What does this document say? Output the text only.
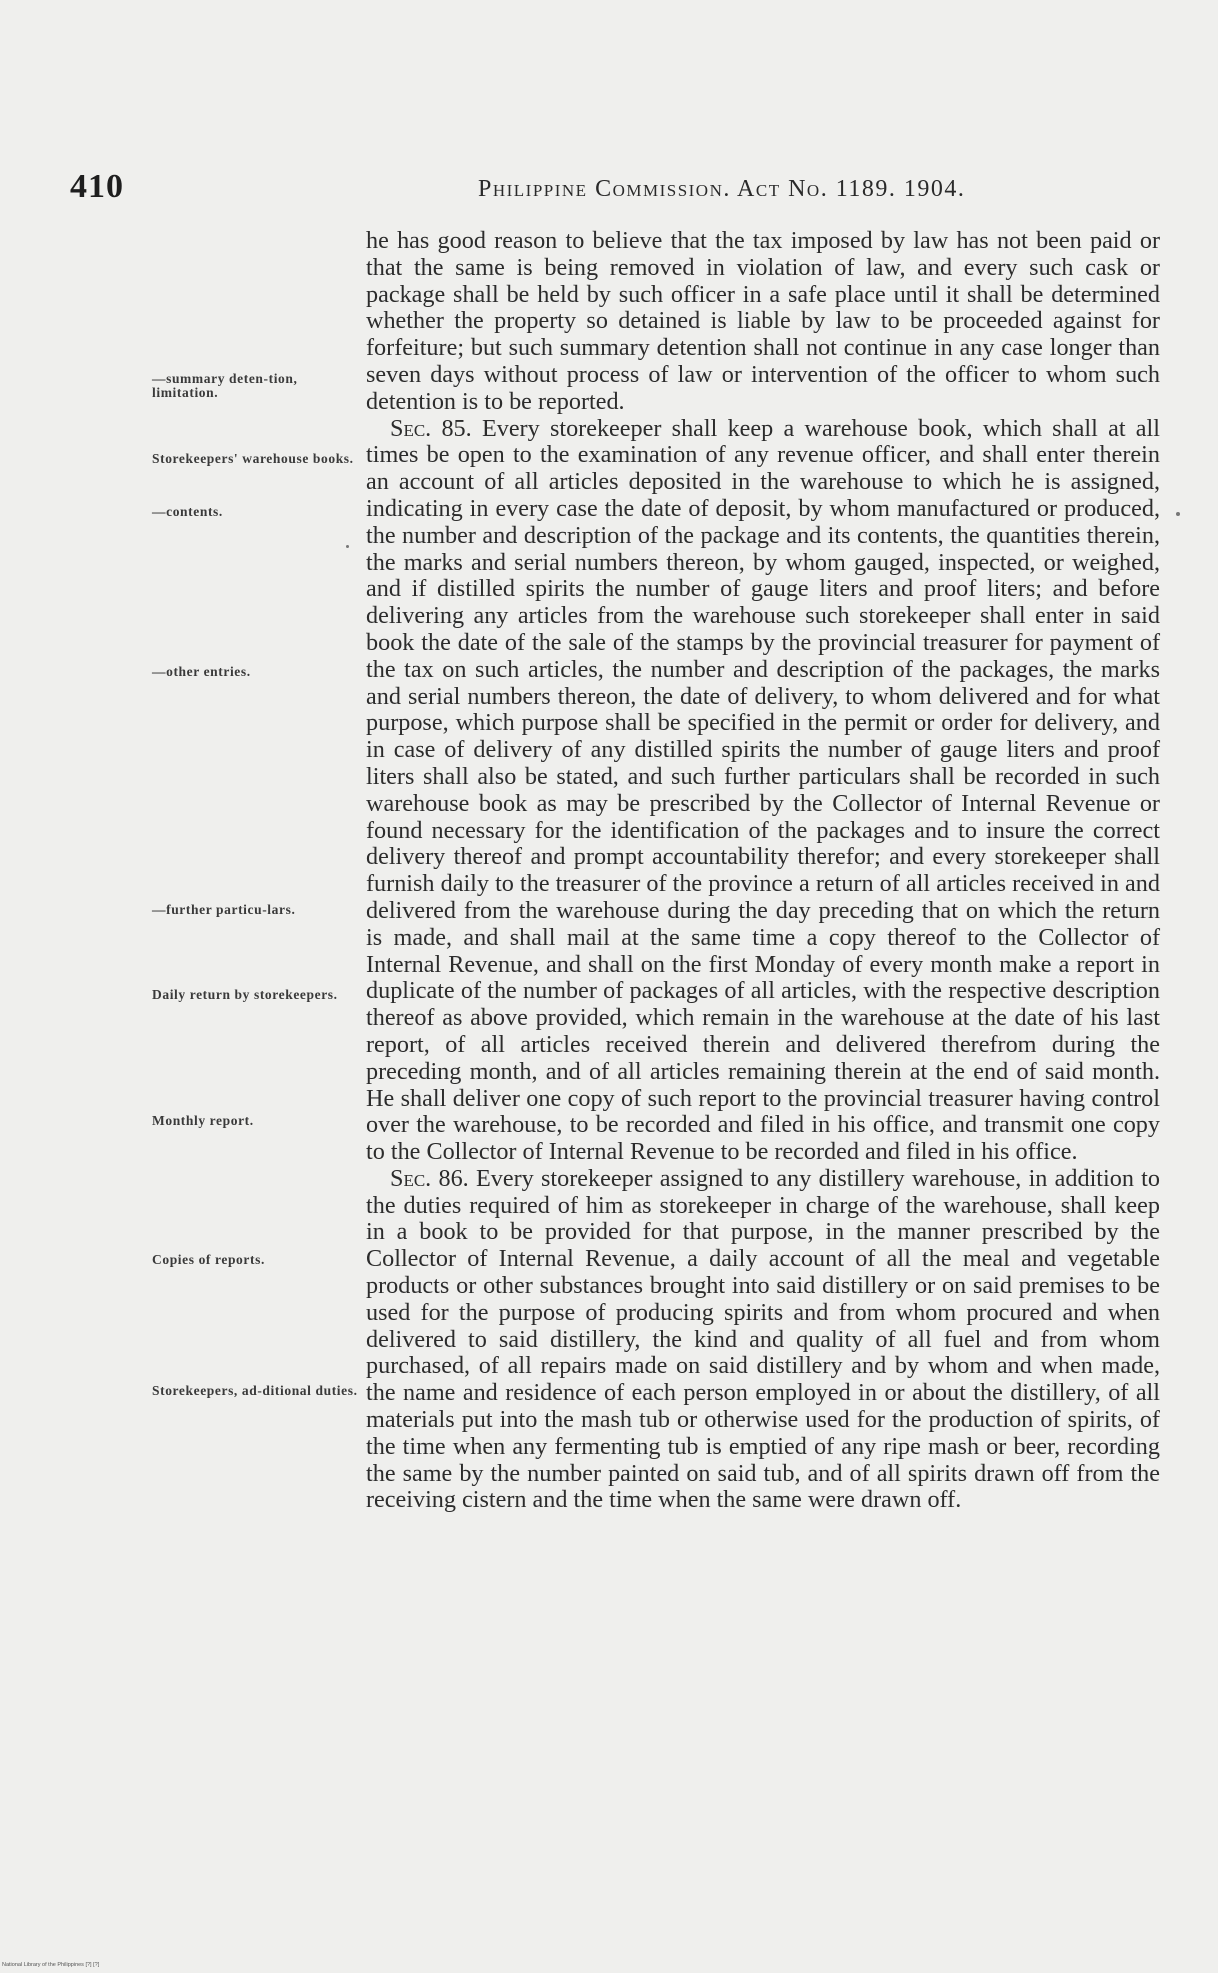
410	Philippine Commission. Act No. 1189. 1904.
—summary deten-tion, limitation.
Storekeepers' warehouse books.
—contents.
—other entries.
—further particu-lars.
Daily return by storekeepers.
Monthly report.
Copies of reports.
Storekeepers, ad-ditional duties.

he has good reason to believe that the tax imposed by law has not been paid or that the same is being removed in violation of law, and every such cask or package shall be held by such officer in a safe place until it shall be determined whether the property so detained is liable by law to be proceeded against for forfeiture; but such summary detention shall not continue in any case longer than seven days without process of law or intervention of the officer to whom such detention is to be reported.

Sec. 85. Every storekeeper shall keep a warehouse book, which shall at all times be open to the examination of any revenue officer, and shall enter therein an account of all articles deposited in the warehouse to which he is assigned, indicating in every case the date of deposit, by whom manufactured or produced, the number and description of the package and its contents, the quantities therein, the marks and serial numbers thereon, by whom gauged, inspected, or weighed, and if distilled spirits the number of gauge liters and proof liters; and before delivering any articles from the warehouse such storekeeper shall enter in said book the date of the sale of the stamps by the provincial treasurer for payment of the tax on such articles, the number and description of the packages, the marks and serial numbers thereon, the date of delivery, to whom delivered and for what purpose, which purpose shall be specified in the permit or order for delivery, and in case of delivery of any distilled spirits the number of gauge liters and proof liters shall also be stated, and such further particulars shall be recorded in such warehouse book as may be prescribed by the Collector of Internal Revenue or found necessary for the identification of the packages and to insure the correct delivery thereof and prompt accountability therefor; and every storekeeper shall furnish daily to the treasurer of the province a return of all articles received in and delivered from the warehouse during the day preceding that on which the return is made, and shall mail at the same time a copy thereof to the Collector of Internal Revenue, and shall on the first Monday of every month make a report in duplicate of the number of packages of all articles, with the respective description thereof as above provided, which remain in the warehouse at the date of his last report, of all articles received therein and delivered therefrom during the preceding month, and of all articles remaining therein at the end of said month. He shall deliver one copy of such report to the provincial treasurer having control over the warehouse, to be recorded and filed in his office, and transmit one copy to the Collector of Internal Revenue to be recorded and filed in his office.

Sec. 86. Every storekeeper assigned to any distillery warehouse, in addition to the duties required of him as storekeeper in charge of the warehouse, shall keep in a book to be provided for that purpose, in the manner prescribed by the Collector of Internal Revenue, a daily account of all the meal and vegetable products or other substances brought into said distillery or on said premises to be used for the purpose of producing spirits and from whom procured and when delivered to said distillery, the kind and quality of all fuel and from whom purchased, of all repairs made on said distillery and by whom and when made, the name and residence of each person employed in or about the distillery, of all materials put into the mash tub or otherwise used for the production of spirits, of the time when any fermenting tub is emptied of any ripe mash or beer, recording the same by the number painted on said tub, and of all spirits drawn off from the receiving cistern and the time when the same were drawn off.

National Library of the Philippines [?] [?]
